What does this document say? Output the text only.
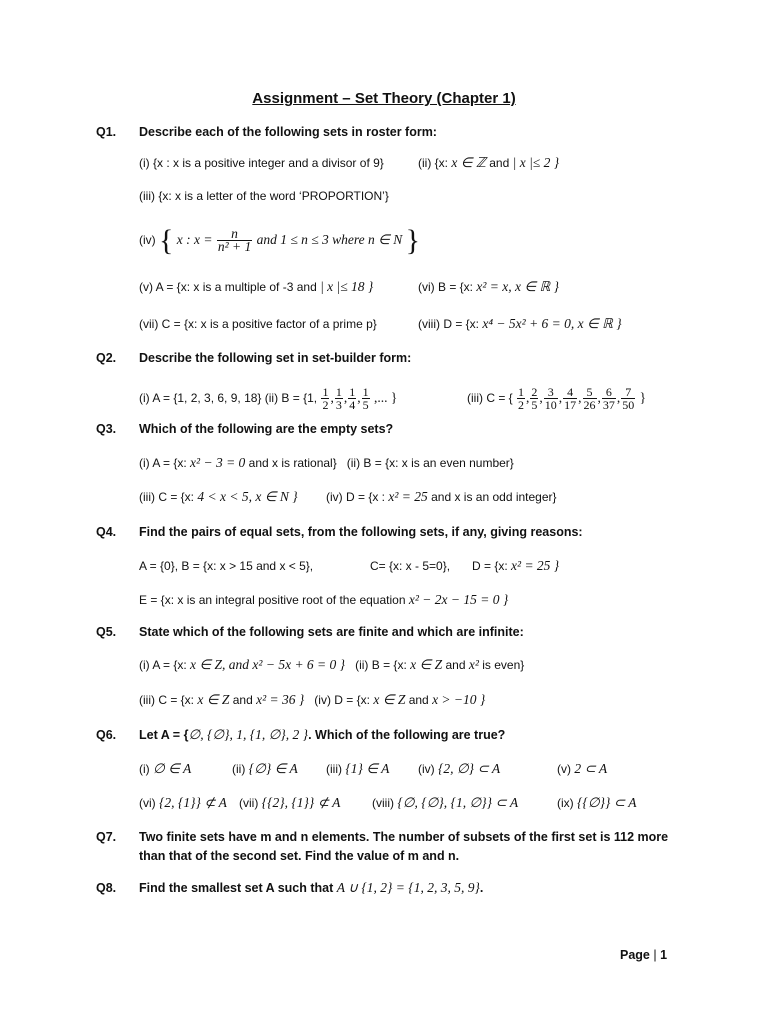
Assignment – Set Theory (Chapter 1)
Q1. Describe each of the following sets in roster form:
(i) {x : x is a positive integer and a divisor of 9}	(ii) {x: x ∈ ℤ and | x |≤ 2 }
(iii) {x: x is a letter of the word ‘PROPORTION’}
(iv) { x : $x = \frac{n}{\text{n² + 1}}$ and 1 ≤ n ≤ 3 where n ∈ N }
(v) A = {x: x is a multiple of -3 and | x |≤ 18 }	(vi) B = {x: x² = x, x ∈ ℝ }
(vii) C = {x: x is a positive factor of a prime p}	(viii) D = {x: x⁴ − 5x² + 6 = 0, x ∈ ℝ }
Q2. Describe the following set in set-builder form:
(i) A = {1, 2, 3, 6, 9, 18} (ii) B = {1, $\frac{1}{2}$ , $\frac{1}{3}$ , $\frac{1}{4}$ , $\frac{1}{5}$ ,... }	(iii) C = { $\frac{1}{2}$ , $\frac{2}{5}$ , $\frac{3}{10}$ , $\frac{4}{17}$ , $\frac{5}{26}$ , $\frac{6}{37}$ , $\frac{7}{50}$ }
Q3. Which of the following are the empty sets?
(i) A = {x: x² − 3 = 0 and x is rational} (ii) B = {x: x is an even number}
(iii) C = {x: 4 < x < 5, x ∈ N } (iv) D = {x : x² = 25 and x is an odd integer}
Q4. Find the pairs of equal sets, from the following sets, if any, giving reasons:
A = {0}, B = {x: x > 15 and x < 5},	C= {x: x - 5=0}, D = {x: x² = 25 }
E = {x: x is an integral positive root of the equation x² − 2x − 15 = 0 }
Q5. State which of the following sets are finite and which are infinite:
(i) A = {x: x ∈ Z, and x² − 5x + 6 = 0 } (ii) B = {x: x ∈ Z and x² is even}
(iii) C = {x: x ∈ Z and x² = 36 } (iv) D = {x: x ∈ Z and x > −10 }
Q6. Let A = {∅, {∅}, 1, {1, ∅}, 2 }. Which of the following are true?
(i) ∅ ∈ A	(ii) {∅} ∈ A (iii) {1} ∈ A (iv) {2, ∅} ⊂ A	(v) 2 ⊂ A
(vi) {2, {1}} ⊄ A (vii) {{2}, {1}} ⊄ A	(viii) {∅, {∅}, {1, ∅}} ⊂ A	(ix) {{∅}} ⊂ A
Q7. Two finite sets have m and n elements. The number of subsets of the first set is 112 more
than that of the second set. Find the value of m and n.
Q8. Find the smallest set A such that A ∪ {1, 2} = {1, 2, 3, 5, 9}.
Page | 1
